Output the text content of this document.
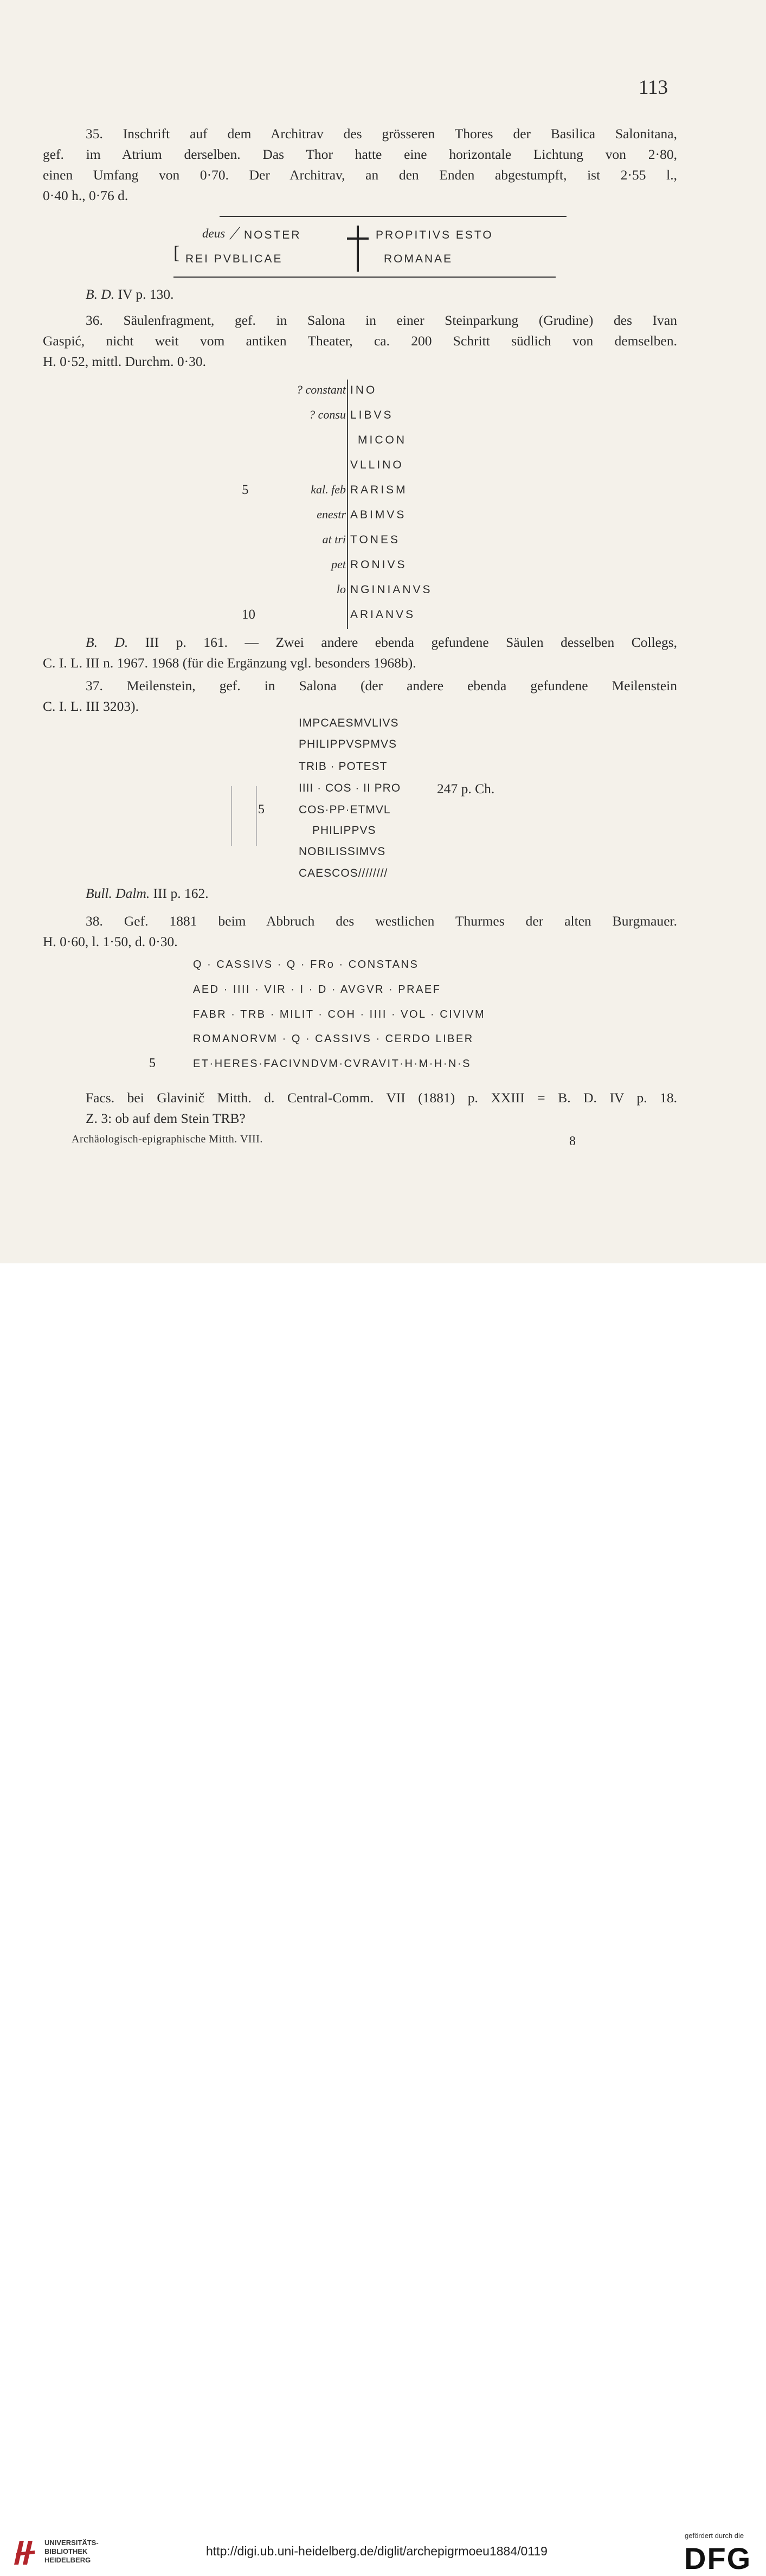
113
35. Inschrift auf dem Architrav des grösseren Thores der Basilica Salonitana,
gef. im Atrium derselben. Das Thor hatte eine horizontale Lichtung von 2·80,
einen Umfang von 0·70. Der Architrav, an den Enden abgestumpft, ist 2·55 l.,
0·40 h., 0·76 d.
deus / NOSTER	PROPITIVS ESTO
[ REI PVBLICAE	ROMANAE
B. D. IV p. 130.
36. Säulenfragment, gef. in Salona in einer Steinparkung (Grudine) des Ivan
Gaspić, nicht weit vom antiken Theater, ca. 200 Schritt südlich von demselben.
H. 0·52, mittl. Durchm. 0·30.
? constant INO
? consu LIBVS
MICON
VLLINO
5	kal. feb RARISM
enestr ABIMVS
at tri TONES
pet RONIVS
lo NGINIANVS
10	ARIANVS
B. D. III p. 161. — Zwei andere ebenda gefundene Säulen desselben Collegs,
C. I. L. III n. 1967. 1968 (für die Ergänzung vgl. besonders 1968b).
37. Meilenstein, gef. in Salona (der andere ebenda gefundene Meilenstein
C. I. L. III 3203).
IMPCAESMVLIVS
PHILIPPVSPMVS
TRIB · POTEST
IIII · COS · II PRO	247 p. Ch.
5	COS·PP·ETMVL
PHILIPPVS
NOBILISSIMVS
CAESCOS////////
Bull. Dalm. III p. 162.
38. Gef. 1881 beim Abbruch des westlichen Thurmes der alten Burgmauer.
H. 0·60, l. 1·50, d. 0·30.
Q · CASSIVS · Q · FRo · CONSTANS
AED · IIII · VIR · I · D · AVGVR · PRAEF
FABR · TRB · MILIT · COH · IIII · VOL · CIVIVM
ROMANORVM · Q · CASSIVS · CERDO LIBER
5	ET·HERES·FACIVNDVM·CVRAVIT·H·M·H·N·S
Facs. bei Glavinič Mitth. d. Central-Comm. VII (1881) p. XXIII = B. D. IV p. 18.
Z. 3: ob auf dem Stein TRB?
Archäologisch-epigraphische Mitth. VIII.	8
UNIVERSITÄTS-
BIBLIOTHEK
HEIDELBERG
http://digi.ub.uni-heidelberg.de/diglit/archepigrmoeu1884/0119
gefördert durch die
DFG
